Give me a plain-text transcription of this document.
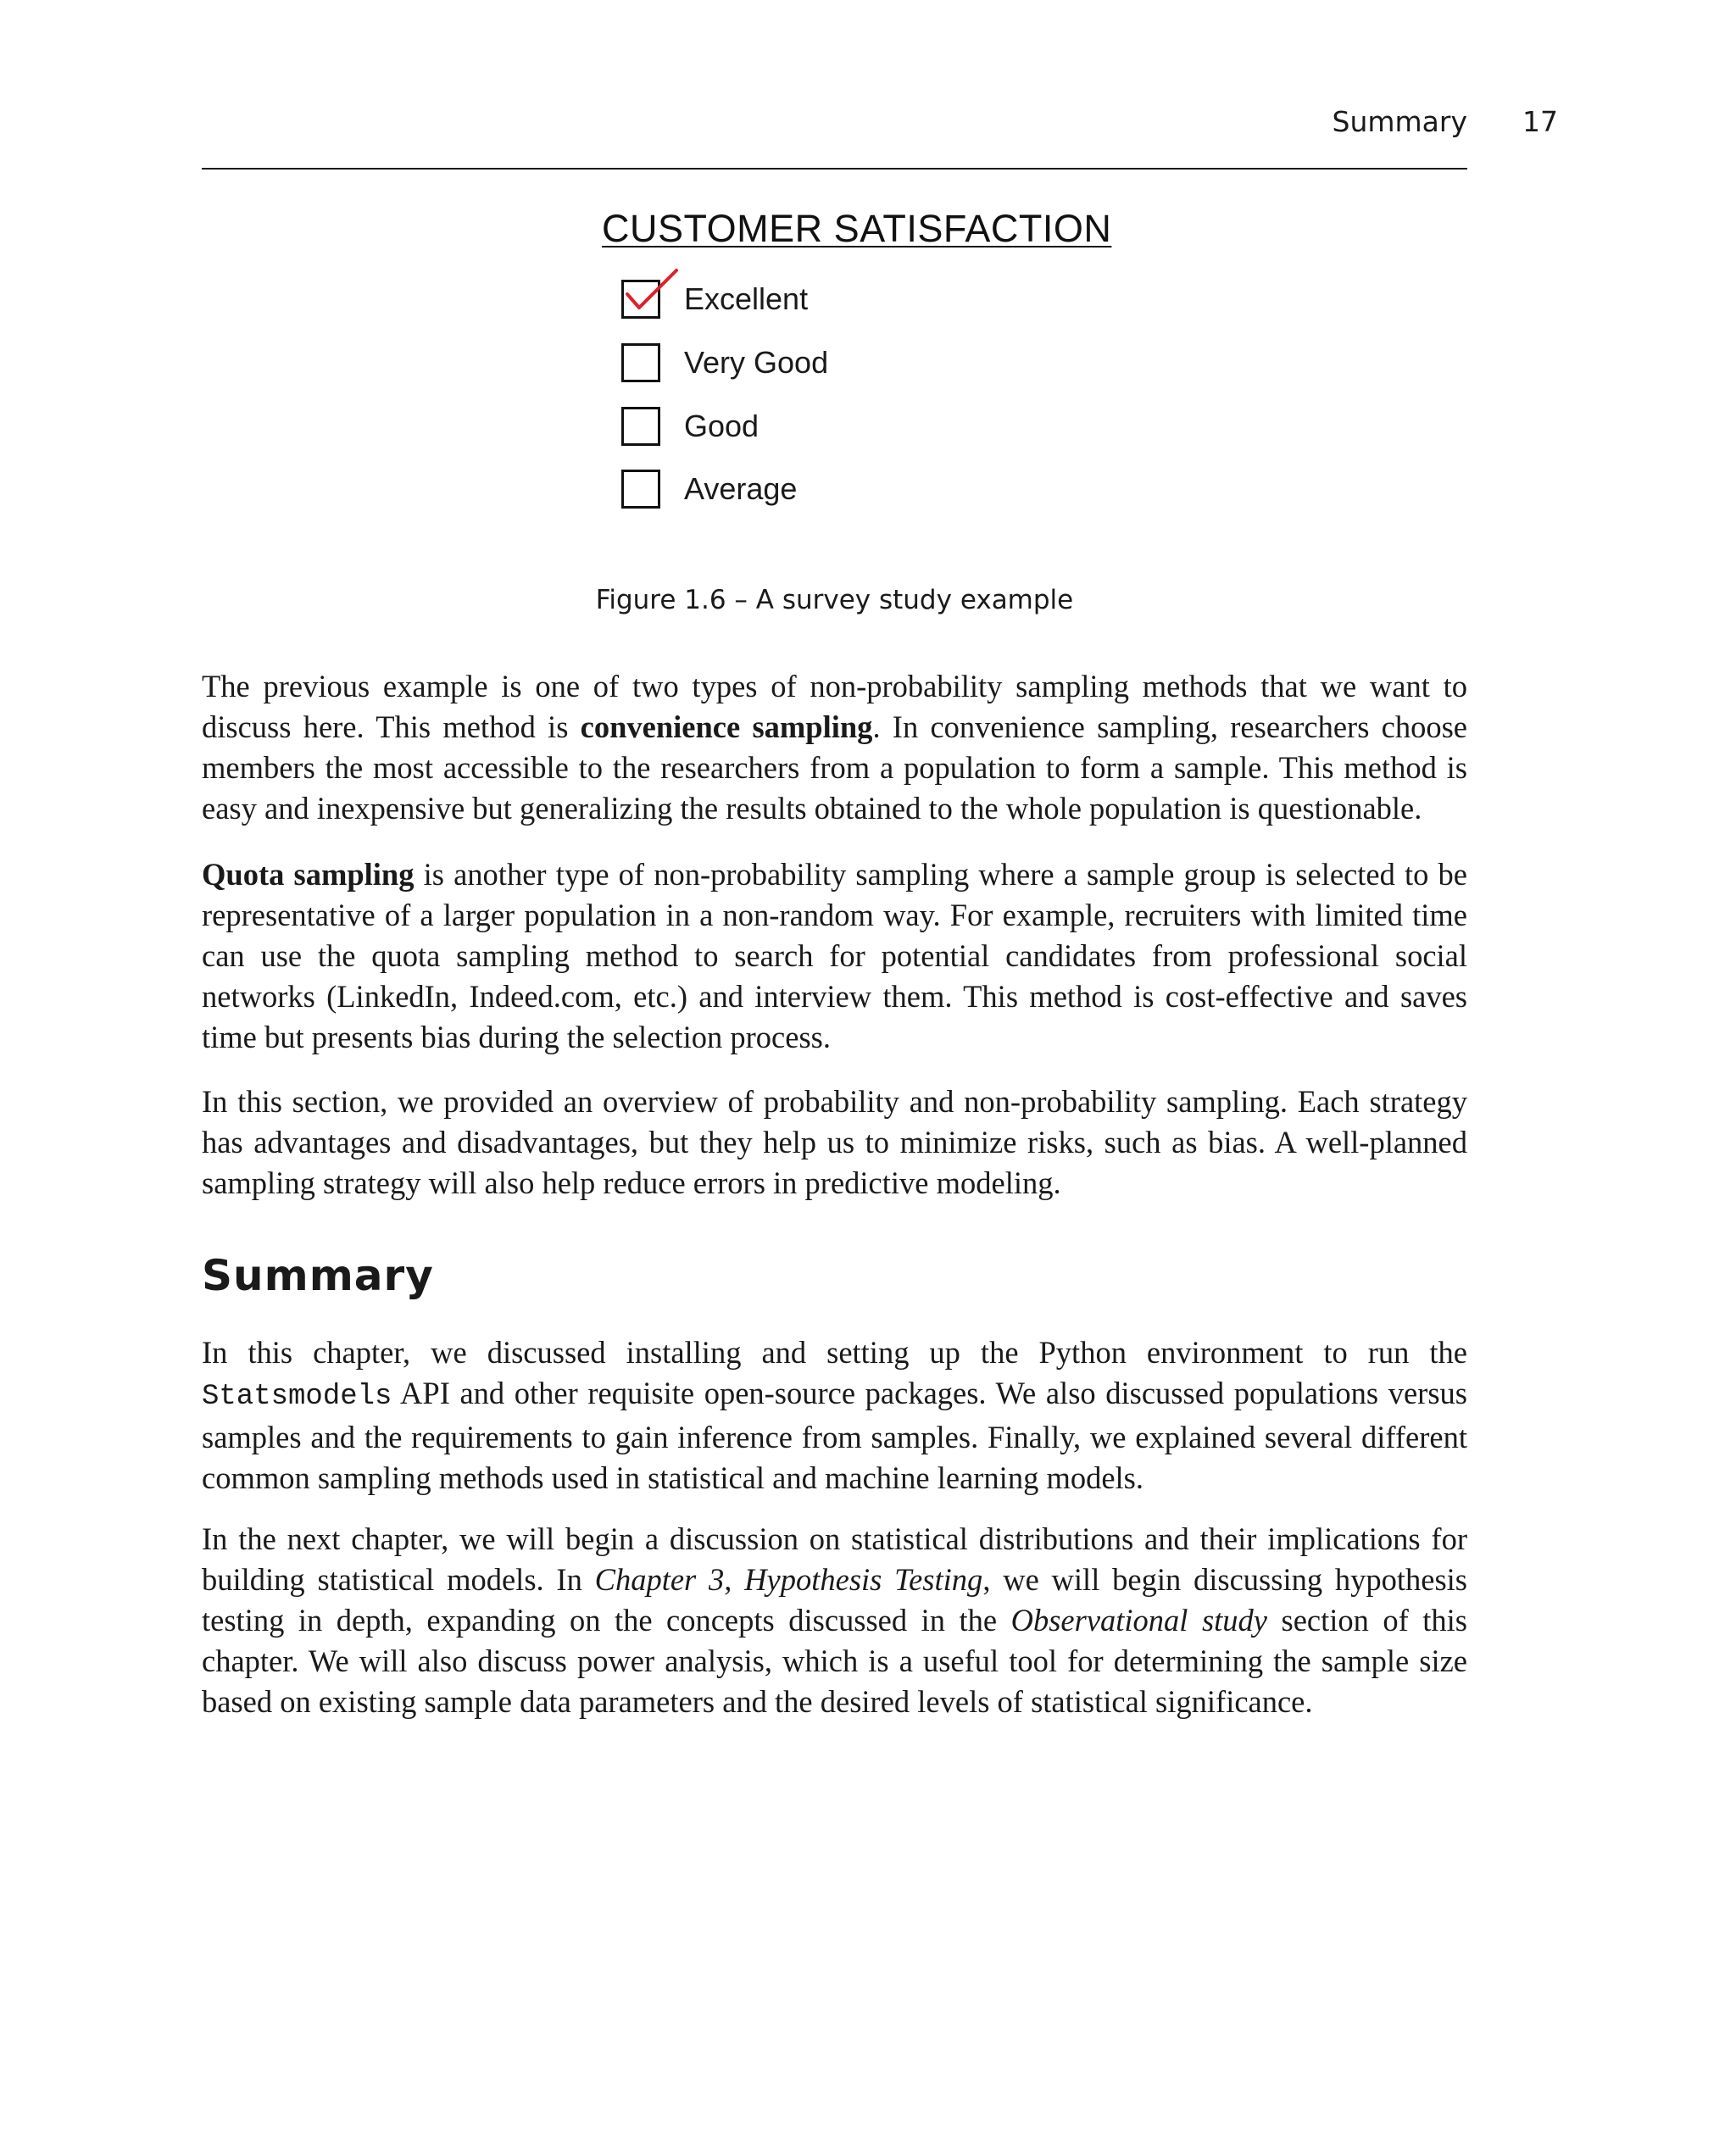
Summary 17
CUSTOMER SATISFACTION
Excellent
Very Good
Good
Average
Figure 1.6 – A survey study example

The previous example is one of two types of non-probability sampling methods that we want to discuss here. This method is convenience sampling. In convenience sampling, researchers choose members the most accessible to the researchers from a population to form a sample. This method is easy and inexpensive but generalizing the results obtained to the whole population is questionable.

Quota sampling is another type of non-probability sampling where a sample group is selected to be representative of a larger population in a non-random way. For example, recruiters with limited time can use the quota sampling method to search for potential candidates from professional social networks (LinkedIn, Indeed.com, etc.) and interview them. This method is cost-effective and saves time but presents bias during the selection process.

In this section, we provided an overview of probability and non-probability sampling. Each strategy has advantages and disadvantages, but they help us to minimize risks, such as bias. A well-planned sampling strategy will also help reduce errors in predictive modeling.

Summary

In this chapter, we discussed installing and setting up the Python environment to run the Statsmodels API and other requisite open-source packages. We also discussed populations versus samples and the requirements to gain inference from samples. Finally, we explained several different common sampling methods used in statistical and machine learning models.

In the next chapter, we will begin a discussion on statistical distributions and their implications for building statistical models. In Chapter 3, Hypothesis Testing, we will begin discussing hypothesis testing in depth, expanding on the concepts discussed in the Observational study section of this chapter. We will also discuss power analysis, which is a useful tool for determining the sample size based on existing sample data parameters and the desired levels of statistical significance.
